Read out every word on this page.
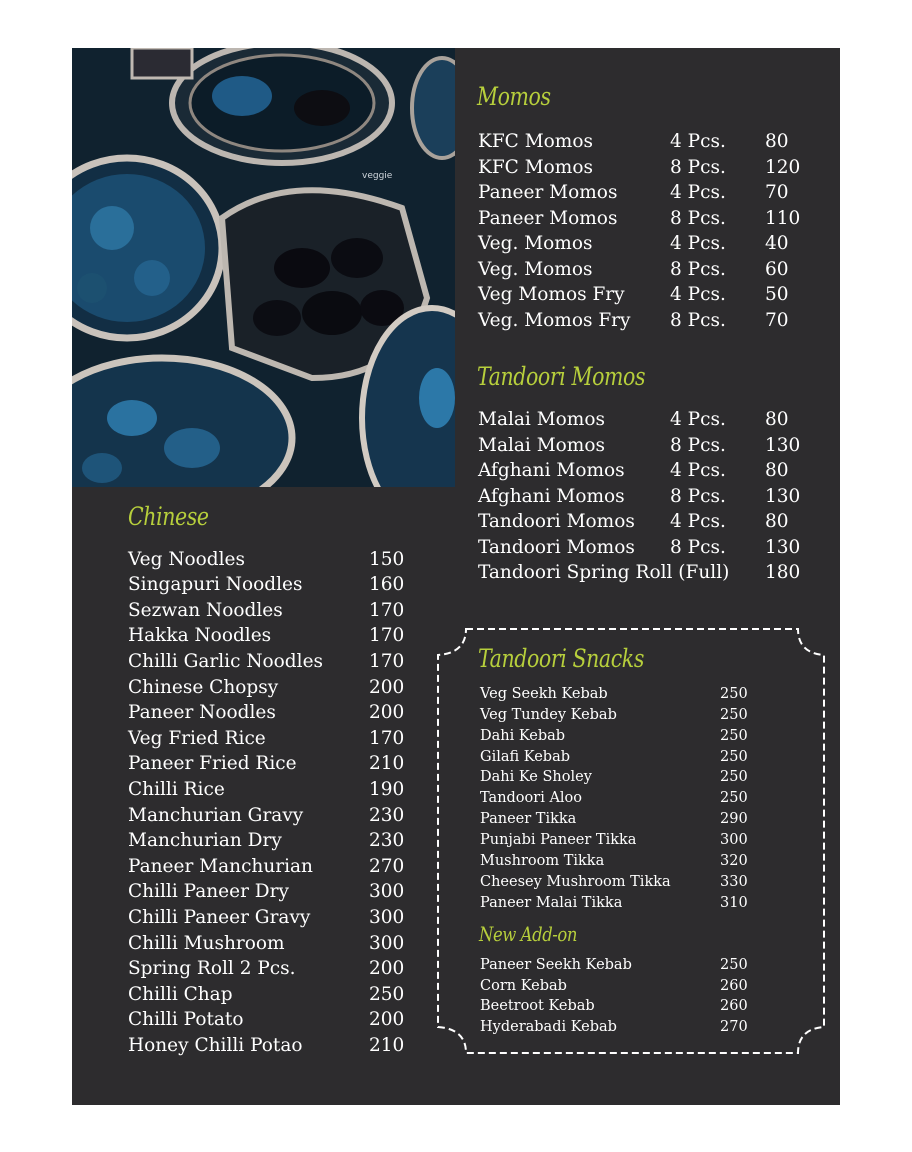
veggie
Momos
KFC Momos	4 Pcs. 80
KFC Momos	8 Pcs. 120
Paneer Momos	4 Pcs. 70
Paneer Momos	8 Pcs. 110
Veg. Momos	4 Pcs. 40
Veg. Momos	8 Pcs. 60
Veg Momos Fry 4 Pcs. 50
Veg. Momos Fry 8 Pcs. 70
Tandoori Momos
Malai Momos	4 Pcs. 80
Malai Momos	8 Pcs. 130
Afghani Momos 4 Pcs. 80
Afghani Momos 8 Pcs. 130
Tandoori Momos 4 Pcs. 80
Tandoori Momos 8 Pcs. 130
Tandoori Spring Roll (Full) 180
Chinese
Veg Noodles	150
Singapuri Noodles	160
Sezwan Noodles	170
Hakka Noodles	170
Chilli Garlic Noodles 170
Chinese Chopsy	200
Paneer Noodles	200
Veg Fried Rice	170
Paneer Fried Rice	210
Chilli Rice	190
Manchurian Gravy	230
Manchurian Dry	230
Paneer Manchurian	270
Chilli Paneer Dry	300
Chilli Paneer Gravy	300
Chilli Mushroom	300
Spring Roll 2 Pcs.	200
Chilli Chap	250
Chilli Potato	200
Honey Chilli Potao	210
Tandoori Snacks
Veg Seekh Kebab	250
Veg Tundey Kebab	250
Dahi Kebab	250
Gilafi Kebab	250
Dahi Ke Sholey	250
Tandoori Aloo	250
Paneer Tikka	290
Punjabi Paneer Tikka	300
Mushroom Tikka	320
Cheesey Mushroom Tikka	330
Paneer Malai Tikka	310
New Add-on
Paneer Seekh Kebab	250
Corn Kebab	260
Beetroot Kebab	260
Hyderabadi Kebab	270
